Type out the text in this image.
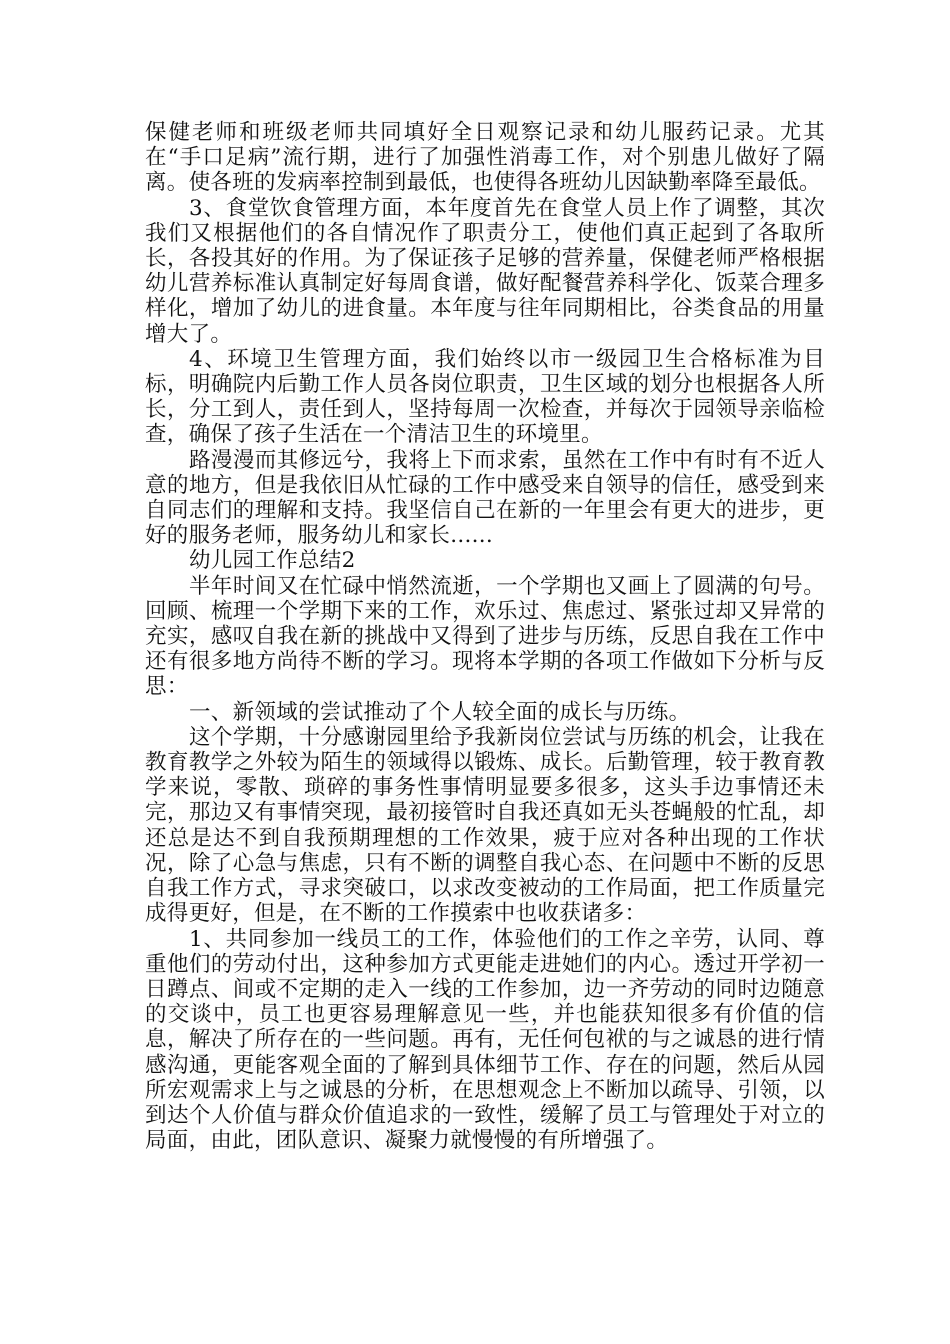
保健老师和班级老师共同填好全日观察记录和幼儿服药记录。尤其在“手口足病”流行期，进行了加强性消毒工作，对个别患儿做好了隔离。使各班的发病率控制到最低，也使得各班幼儿因缺勤率降至最低。

3、食堂饮食管理方面，本年度首先在食堂人员上作了调整，其次我们又根据他们的各自情况作了职责分工，使他们真正起到了各取所长，各投其好的作用。为了保证孩子足够的营养量，保健老师严格根据幼儿营养标准认真制定好每周食谱，做好配餐营养科学化、饭菜合理多样化，增加了幼儿的进食量。本年度与往年同期相比，谷类食品的用量增大了。

4、环境卫生管理方面，我们始终以市一级园卫生合格标准为目标，明确院内后勤工作人员各岗位职责，卫生区域的划分也根据各人所长，分工到人，责任到人，坚持每周一次检查，并每次于园领导亲临检查，确保了孩子生活在一个清洁卫生的环境里。

路漫漫而其修远兮，我将上下而求索，虽然在工作中有时有不近人意的地方，但是我依旧从忙碌的工作中感受来自领导的信任，感受到来自同志们的理解和支持。我坚信自己在新的一年里会有更大的进步，更好的服务老师，服务幼儿和家长......

幼儿园工作总结2

半年时间又在忙碌中悄然流逝，一个学期也又画上了圆满的句号。回顾、梳理一个学期下来的工作，欢乐过、焦虑过、紧张过却又异常的充实，感叹自我在新的挑战中又得到了进步与历练，反思自我在工作中还有很多地方尚待不断的学习。现将本学期的各项工作做如下分析与反思：

一、新领域的尝试推动了个人较全面的成长与历练。

这个学期，十分感谢园里给予我新岗位尝试与历练的机会，让我在教育教学之外较为陌生的领域得以锻炼、成长。后勤管理，较于教育教学来说，零散、琐碎的事务性事情明显要多很多，这头手边事情还未完，那边又有事情突现，最初接管时自我还真如无头苍蝇般的忙乱，却还总是达不到自我预期理想的工作效果，疲于应对各种出现的工作状况，除了心急与焦虑，只有不断的调整自我心态、在问题中不断的反思自我工作方式，寻求突破口，以求改变被动的工作局面，把工作质量完成得更好，但是，在不断的工作摸索中也收获诸多：

1、共同参加一线员工的工作，体验他们的工作之辛劳，认同、尊重他们的劳动付出，这种参加方式更能走进她们的内心。透过开学初一日蹲点、间或不定期的走入一线的工作参加，边一齐劳动的同时边随意的交谈中，员工也更容易理解意见一些，并也能获知很多有价值的信息，解决了所存在的一些问题。再有，无任何包袱的与之诚恳的进行情感沟通，更能客观全面的了解到具体细节工作、存在的问题，然后从园所宏观需求上与之诚恳的分析，在思想观念上不断加以疏导、引领，以到达个人价值与群众价值追求的一致性，缓解了员工与管理处于对立的局面，由此，团队意识、凝聚力就慢慢的有所增强了。
